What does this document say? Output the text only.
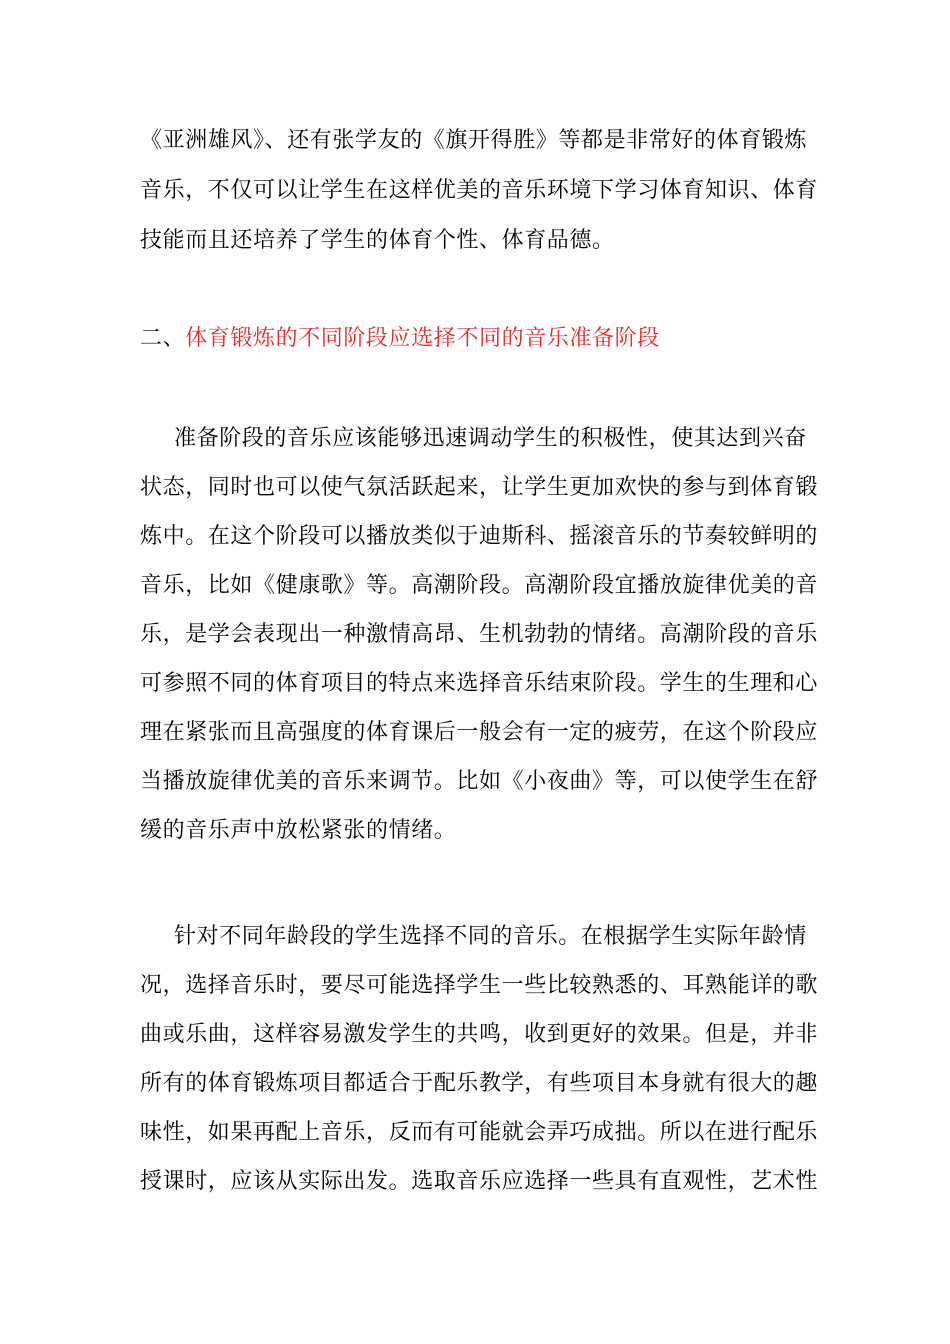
《亚洲雄风》、还有张学友的《旗开得胜》等都是非常好的体育锻炼
音乐，不仅可以让学生在这样优美的音乐环境下学习体育知识、体育
技能而且还培养了学生的体育个性、体育品德。
二、体育锻炼的不同阶段应选择不同的音乐准备阶段
准备阶段的音乐应该能够迅速调动学生的积极性，使其达到兴奋
状态，同时也可以使气氛活跃起来，让学生更加欢快的参与到体育锻
炼中。在这个阶段可以播放类似于迪斯科、摇滚音乐的节奏较鲜明的
音乐，比如《健康歌》等。高潮阶段。高潮阶段宜播放旋律优美的音
乐，是学会表现出一种激情高昂、生机勃勃的情绪。高潮阶段的音乐
可参照不同的体育项目的特点来选择音乐结束阶段。学生的生理和心
理在紧张而且高强度的体育课后一般会有一定的疲劳，在这个阶段应
当播放旋律优美的音乐来调节。比如《小夜曲》等，可以使学生在舒
缓的音乐声中放松紧张的情绪。
针对不同年龄段的学生选择不同的音乐。在根据学生实际年龄情
况，选择音乐时，要尽可能选择学生一些比较熟悉的、耳熟能详的歌
曲或乐曲，这样容易激发学生的共鸣，收到更好的效果。但是，并非
所有的体育锻炼项目都适合于配乐教学，有些项目本身就有很大的趣
味性，如果再配上音乐，反而有可能就会弄巧成拙。所以在进行配乐
授课时，应该从实际出发。选取音乐应选择一些具有直观性，艺术性
